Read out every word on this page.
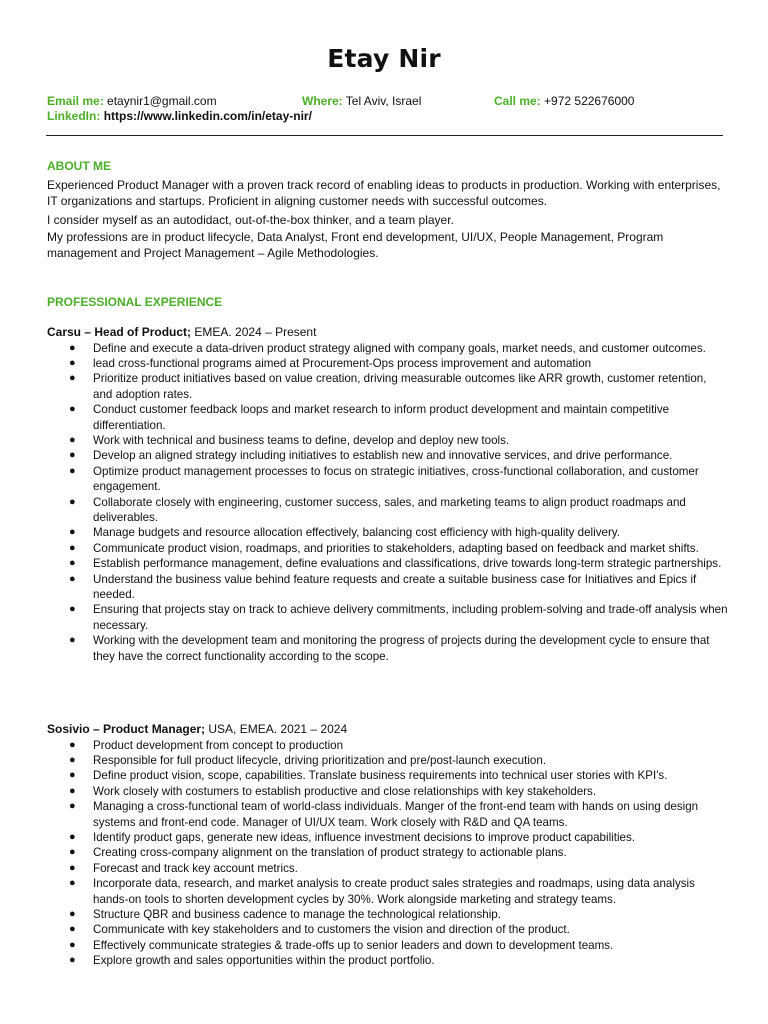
Etay Nir
Email me: etaynir1@gmail.com	Where: Tel Aviv, Israel	Call me: +972 522676000
LinkedIn: https://www.linkedin.com/in/etay-nir/
ABOUT ME

Experienced Product Manager with a proven track record of enabling ideas to products in production. Working with enterprises, IT organizations and startups. Proficient in aligning customer needs with successful outcomes.

I consider myself as an autodidact, out-of-the-box thinker, and a team player.

My professions are in product lifecycle, Data Analyst, Front end development, UI/UX, People Management, Program management and Project Management – Agile Methodologies.

PROFESSIONAL EXPERIENCE

Carsu – Head of Product; EMEA. 2024 – Present

● Define and execute a data-driven product strategy aligned with company goals, market needs, and customer outcomes.
● lead cross-functional programs aimed at Procurement-Ops process improvement and automation
● Prioritize product initiatives based on value creation, driving measurable outcomes like ARR growth, customer retention, and adoption rates.
● Conduct customer feedback loops and market research to inform product development and maintain competitive differentiation.
● Work with technical and business teams to define, develop and deploy new tools.
● Develop an aligned strategy including initiatives to establish new and innovative services, and drive performance.
● Optimize product management processes to focus on strategic initiatives, cross-functional collaboration, and customer engagement.
● Collaborate closely with engineering, customer success, sales, and marketing teams to align product roadmaps and deliverables.
● Manage budgets and resource allocation effectively, balancing cost efficiency with high-quality delivery.
● Communicate product vision, roadmaps, and priorities to stakeholders, adapting based on feedback and market shifts.
● Establish performance management, define evaluations and classifications, drive towards long-term strategic partnerships.
● Understand the business value behind feature requests and create a suitable business case for Initiatives and Epics if needed.
● Ensuring that projects stay on track to achieve delivery commitments, including problem-solving and trade-off analysis when necessary.
● Working with the development team and monitoring the progress of projects during the development cycle to ensure that they have the correct functionality according to the scope.

Sosivio – Product Manager; USA, EMEA. 2021 – 2024

● Product development from concept to production
● Responsible for full product lifecycle, driving prioritization and pre/post-launch execution.
● Define product vision, scope, capabilities. Translate business requirements into technical user stories with KPI's.
● Work closely with costumers to establish productive and close relationships with key stakeholders.
● Managing a cross-functional team of world-class individuals. Manger of the front-end team with hands on using design systems and front-end code. Manager of UI/UX team. Work closely with R&D and QA teams.
● Identify product gaps, generate new ideas, influence investment decisions to improve product capabilities.
● Creating cross-company alignment on the translation of product strategy to actionable plans.
● Forecast and track key account metrics.
● Incorporate data, research, and market analysis to create product sales strategies and roadmaps, using data analysis hands-on tools to shorten development cycles by 30%. Work alongside marketing and strategy teams.
● Structure QBR and business cadence to manage the technological relationship.
● Communicate with key stakeholders and to customers the vision and direction of the product.
● Effectively communicate strategies & trade-offs up to senior leaders and down to development teams.
● Explore growth and sales opportunities within the product portfolio.
